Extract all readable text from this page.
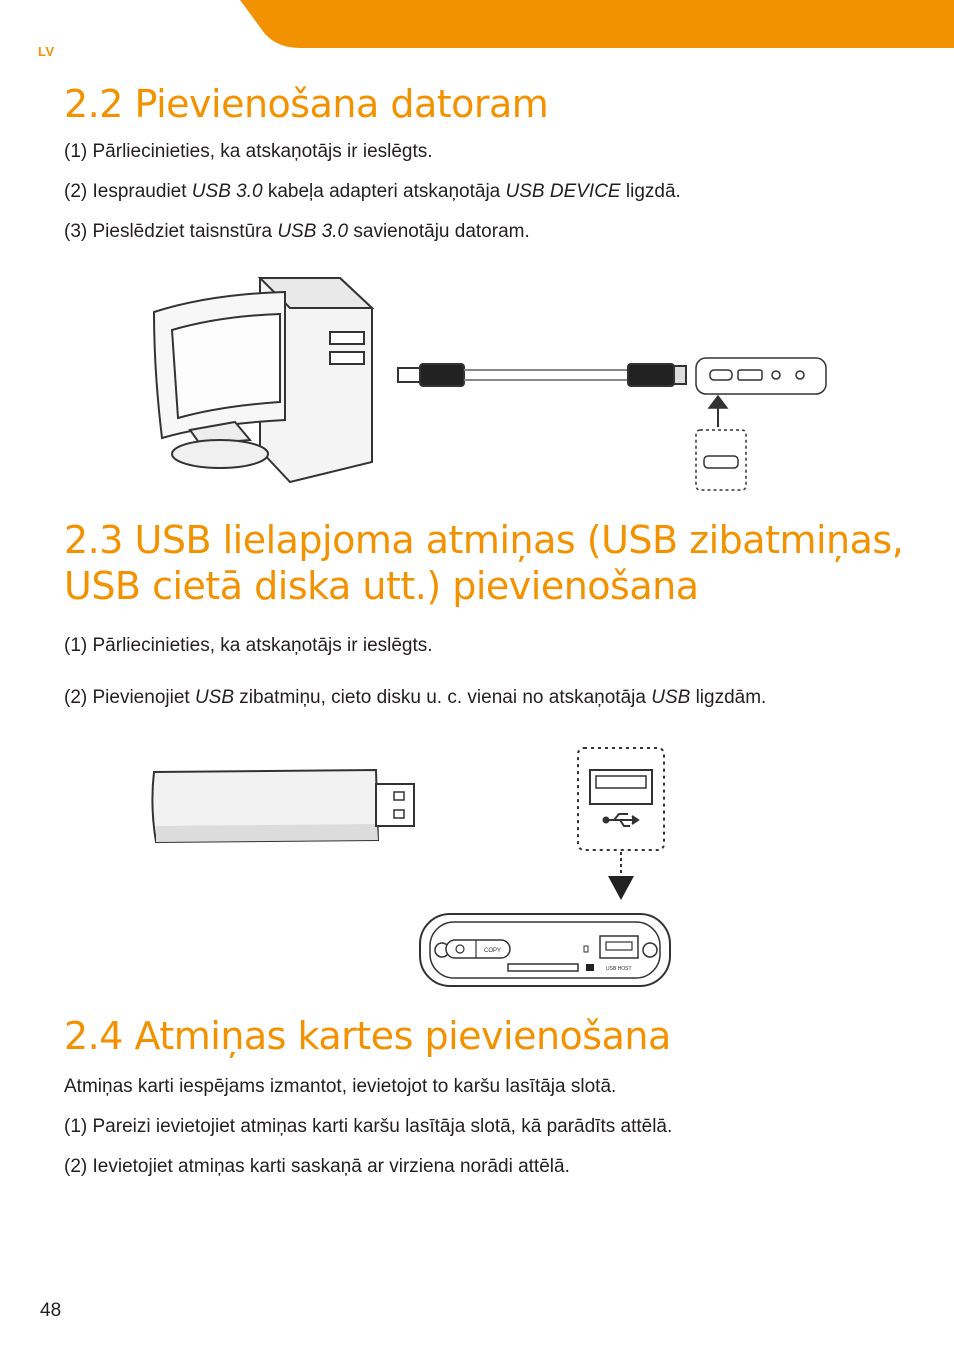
LV
2.2 Pievienošana datoram

(1) Pārliecinieties, ka atskaņotājs ir ieslēgts.

(2) Iespraudiet USB 3.0 kabeļa adapteri atskaņotāja USB DEVICE ligzdā.

(3) Pieslēdziet taisnstūra USB 3.0 savienotāju datoram.

2.3 USB lielapjoma atmiņas (USB zibatmiņas,
USB cietā diska utt.) pievienošana

(1) Pārliecinieties, ka atskaņotājs ir ieslēgts.

(2) Pievienojiet USB zibatmiņu, cieto disku u. c. vienai no atskaņotāja USB ligzdām.

COPY
USB HOST
2.4 Atmiņas kartes pievienošana

Atmiņas karti iespējams izmantot, ievietojot to karšu lasītāja slotā.

(1) Pareizi ievietojiet atmiņas karti karšu lasītāja slotā, kā parādīts attēlā.

(2) Ievietojiet atmiņas karti saskaņā ar virziena norādi attēlā.

48
